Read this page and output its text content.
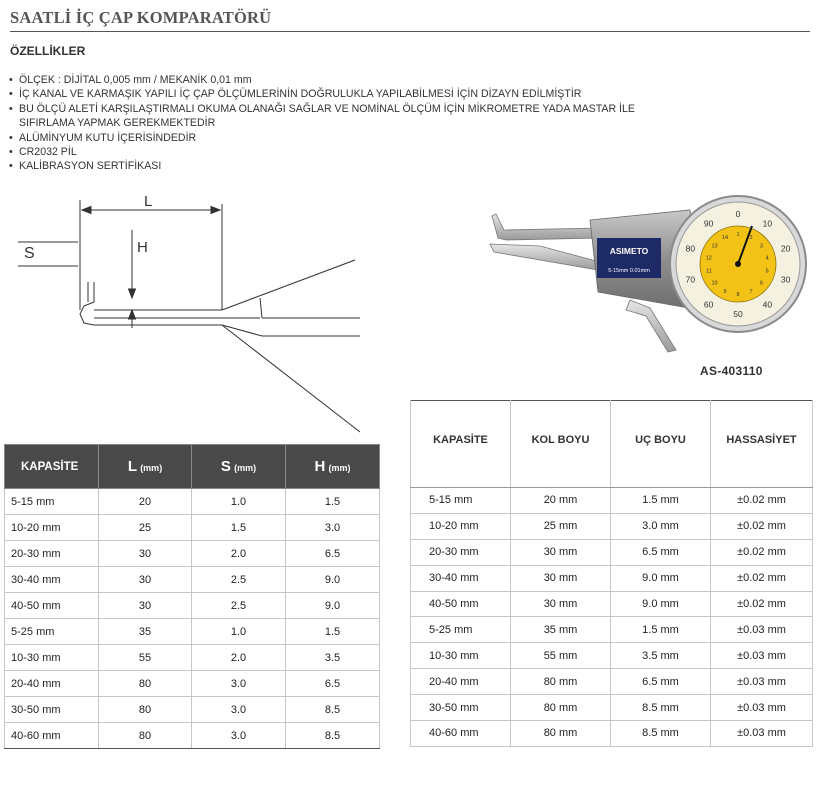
SAATLİ İÇ ÇAP KOMPARATÖRÜ
ÖZELLİKLER
• ÖLÇEK : DİJİTAL 0,005 mm / MEKANİK 0,01 mm
• İÇ KANAL VE KARMAŞIK YAPILI İÇ ÇAP ÖLÇÜMLERİNİN DOĞRULUKLA YAPILABİLMESİ İÇİN DİZAYN EDİLMİŞTİR
• BU ÖLÇÜ ALETİ KARŞILAŞTIRMALI OKUMA OLANAĞI SAĞLAR VE NOMİNAL ÖLÇÜM İÇİN MİKROMETRE YADA MASTAR İLE SIFIRLAMA YAPMAK GEREKMEKTEDİR
• ALÜMİNYUM KUTU İÇERİSİNDEDİR
• CR2032 PİL
• KALİBRASYON SERTİFİKASI
L
S	H	ASIMETO
5-15mm 0.01mm
0
10
20
30
40
50
60
70
80
90
1 2
3
4
5
6
7
8
9
10
11
12
13
14
AS-403110
KAPASİTE	L (mm)	S (mm)	H (mm)
5-15 mm	20	1.0	1.5
10-20 mm	25	1.5	3.0
20-30 mm	30	2.0	6.5
30-40 mm	30	2.5	9.0
40-50 mm	30	2.5	9.0
5-25 mm	35	1.0	1.5
10-30 mm	55	2.0	3.5
20-40 mm	80	3.0	6.5
30-50 mm	80	3.0	8.5
40-60 mm	80	3.0	8.5
KAPASİTE	KOL BOYU	UÇ BOYU	HASSASİYET
5-15 mm	20 mm	1.5 mm	±0.02 mm
10-20 mm	25 mm	3.0 mm	±0.02 mm
20-30 mm	30 mm	6.5 mm	±0.02 mm
30-40 mm	30 mm	9.0 mm	±0.02 mm
40-50 mm	30 mm	9.0 mm	±0.02 mm
5-25 mm	35 mm	1.5 mm	±0.03 mm
10-30 mm	55 mm	3.5 mm	±0.03 mm
20-40 mm	80 mm	6.5 mm	±0.03 mm
30-50 mm	80 mm	8.5 mm	±0.03 mm
40-60 mm	80 mm	8.5 mm	±0.03 mm
